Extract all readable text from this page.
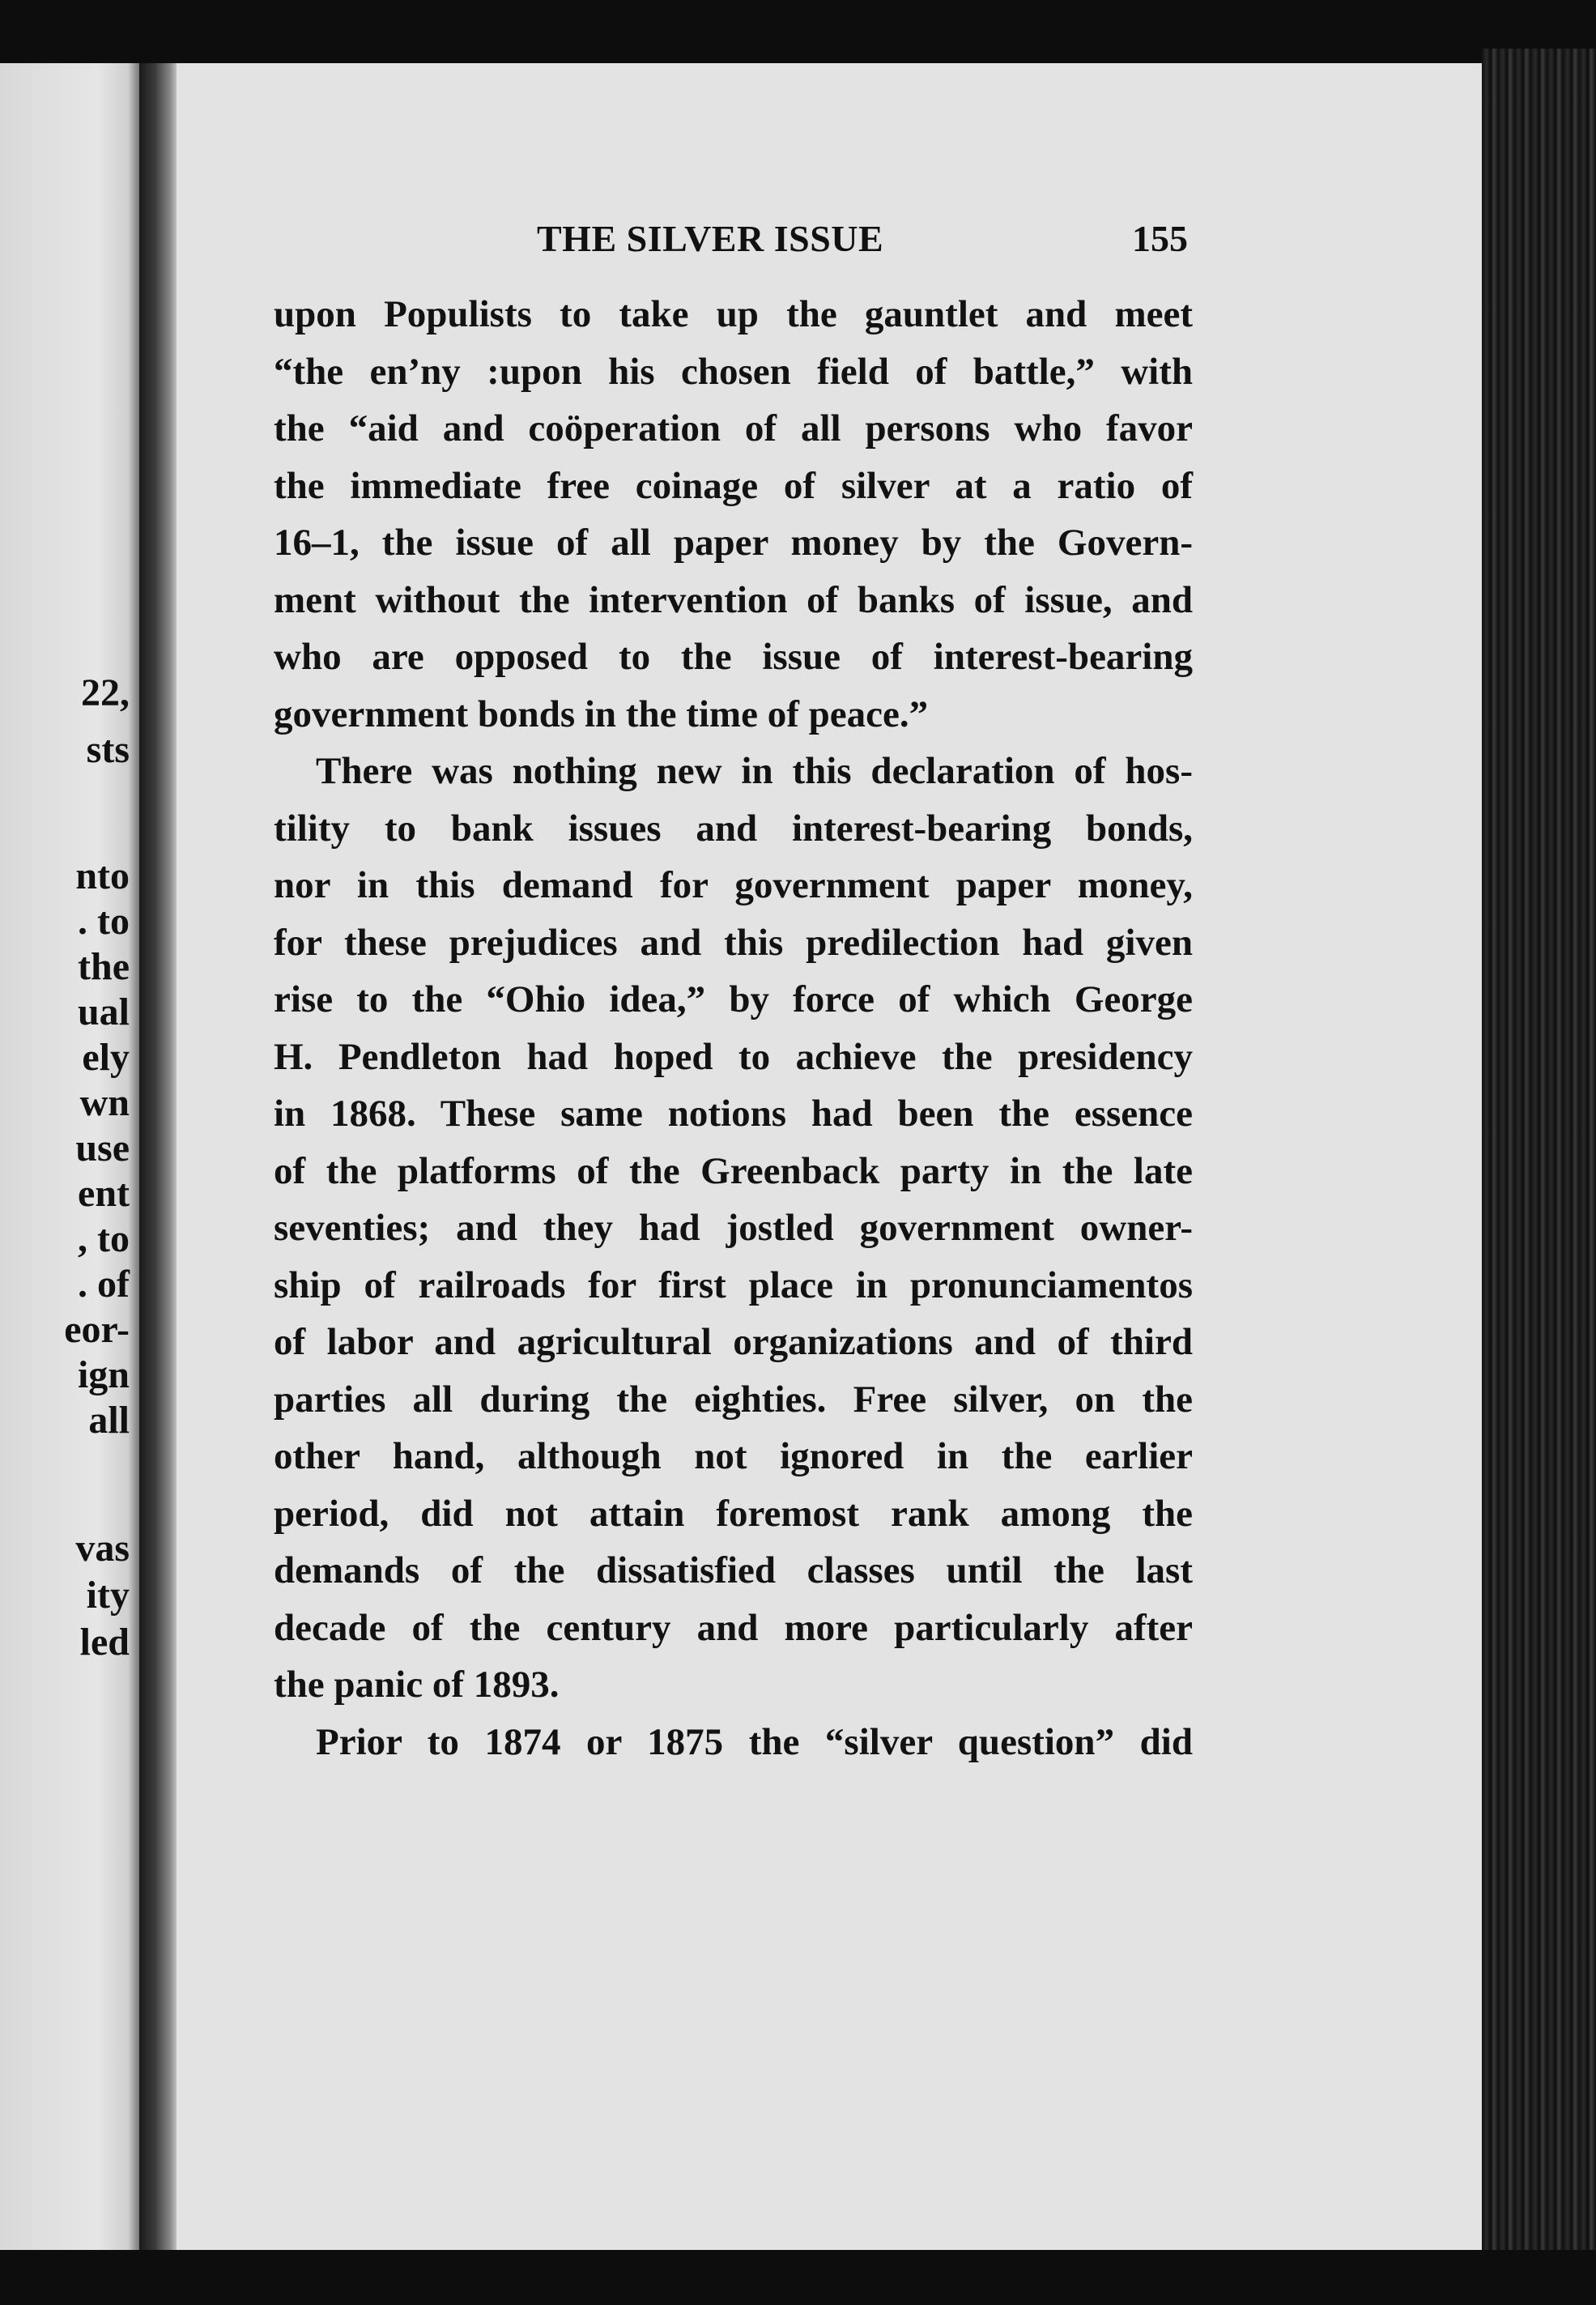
22,
sts
nto
. to
the
ual
ely
wn
use
ent
, to
. of
eor-
ign
all
vas
ity
led
THE SILVER ISSUE	155
upon Populists to take up the gauntlet and meet
“the en’ny :upon his chosen field of battle,” with
the “aid and coöperation of all persons who favor
the immediate free coinage of silver at a ratio of
16–1, the issue of all paper money by the Govern-
ment without the intervention of banks of issue, and
who are opposed to the issue of interest-bearing
government bonds in the time of peace.”
There was nothing new in this declaration of hos-
tility to bank issues and interest-bearing bonds,
nor in this demand for government paper money,
for these prejudices and this predilection had given
rise to the “Ohio idea,” by force of which George
H. Pendleton had hoped to achieve the presidency
in 1868. These same notions had been the essence
of the platforms of the Greenback party in the late
seventies; and they had jostled government owner-
ship of railroads for first place in pronunciamentos
of labor and agricultural organizations and of third
parties all during the eighties. Free silver, on the
other hand, although not ignored in the earlier
period, did not attain foremost rank among the
demands of the dissatisfied classes until the last
decade of the century and more particularly after
the panic of 1893.
Prior to 1874 or 1875 the “silver question” did
